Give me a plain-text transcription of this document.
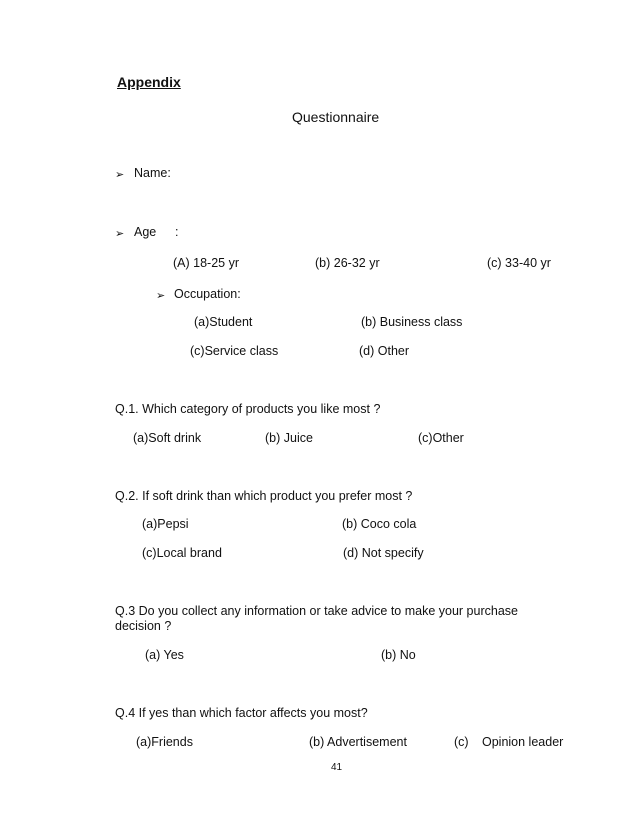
Appendix
Questionnaire
➢ Name:
➢ Age :
(A) 18-25 yr	(b) 26-32 yr	(c) 33-40 yr
➢ Occupation:
(a)Student	(b) Business class
(c)Service class	(d) Other
Q.1. Which category of products you like most ?
(a)Soft drink	(b) Juice	(c)Other
Q.2. If soft drink than which product you prefer most ?
(a)Pepsi	(b) Coco cola
(c)Local brand	(d) Not specify
Q.3 Do you collect any information or take advice to make your purchase
decision ?
(a) Yes	(b) No
Q.4 If yes than which factor affects you most?
(a)Friends	(b) Advertisement	(c) Opinion leader
41
